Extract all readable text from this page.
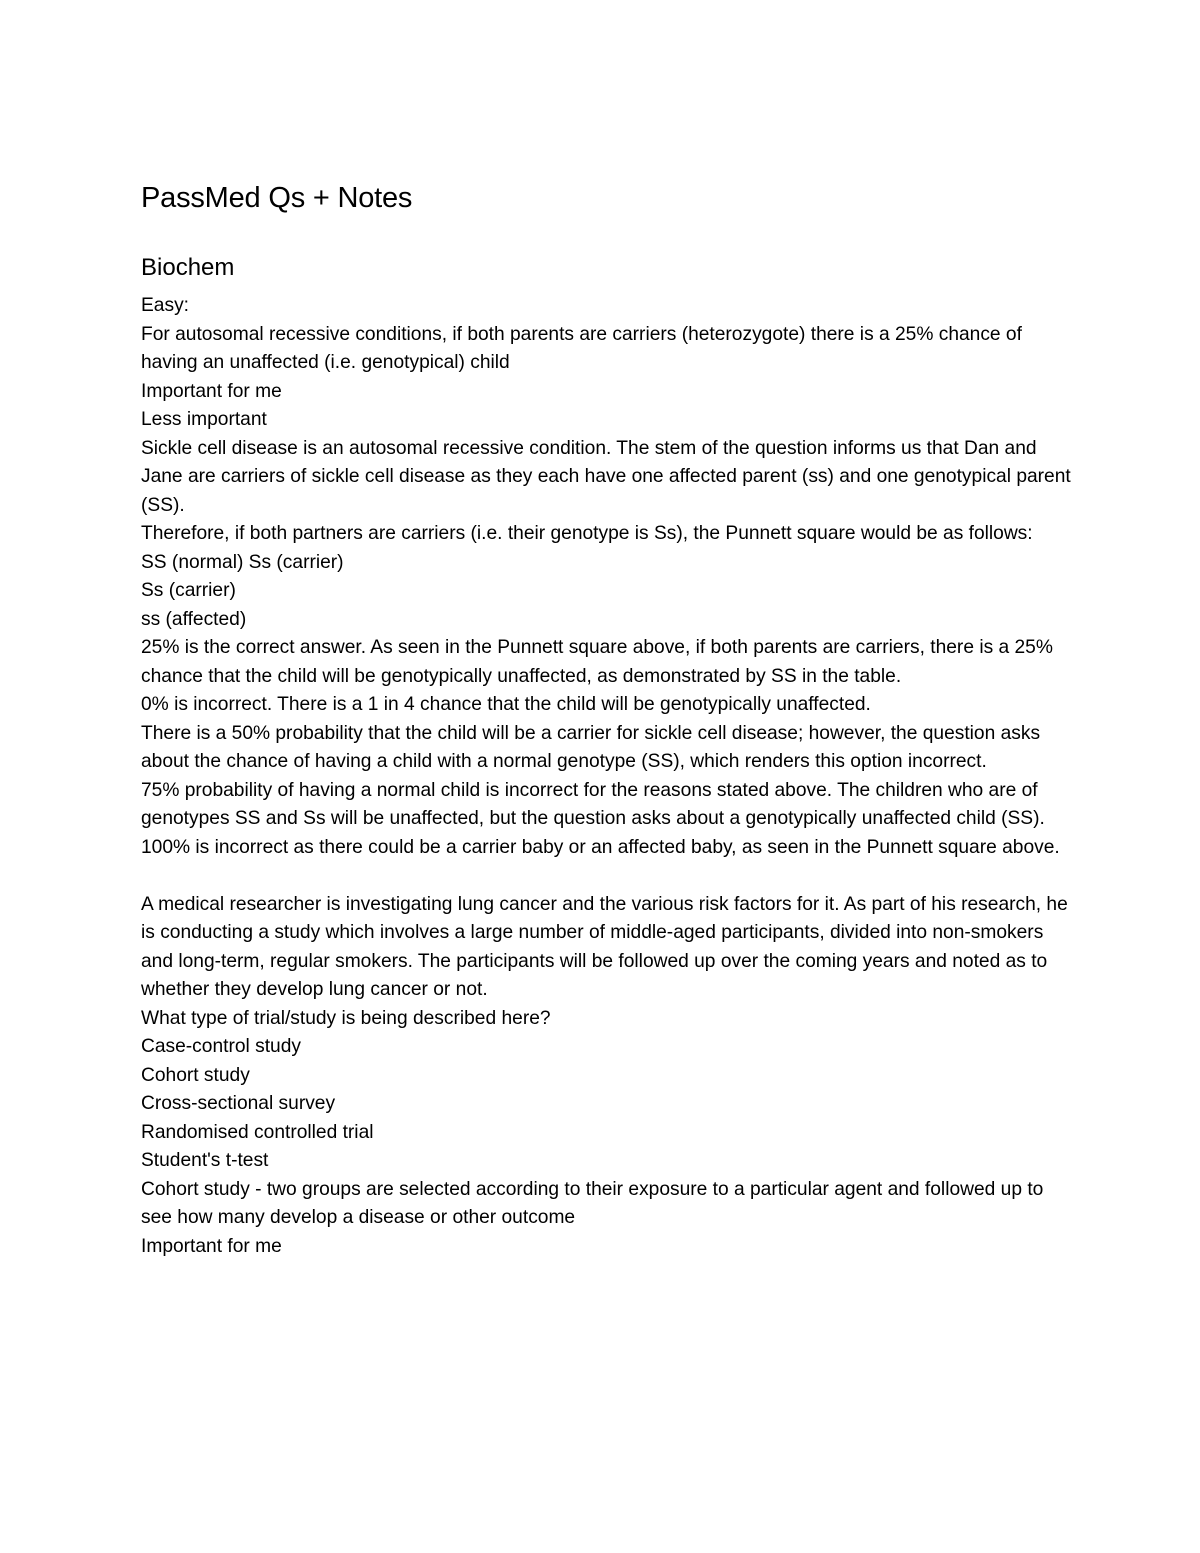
PassMed Qs + Notes
Biochem

Easy:

For autosomal recessive conditions, if both parents are carriers (heterozygote) there is a 25% chance of having an unaffected (i.e. genotypical) child

Important for me

Less important

Sickle cell disease is an autosomal recessive condition. The stem of the question informs us that Dan and Jane are carriers of sickle cell disease as they each have one affected parent (ss) and one genotypical parent (SS).

Therefore, if both partners are carriers (i.e. their genotype is Ss), the Punnett square would be as follows:

SS (normal) Ss (carrier)

Ss (carrier)

ss (affected)

25% is the correct answer. As seen in the Punnett square above, if both parents are carriers, there is a 25% chance that the child will be genotypically unaffected, as demonstrated by SS in the table.

0% is incorrect. There is a 1 in 4 chance that the child will be genotypically unaffected.

There is a 50% probability that the child will be a carrier for sickle cell disease; however, the question asks about the chance of having a child with a normal genotype (SS), which renders this option incorrect.

75% probability of having a normal child is incorrect for the reasons stated above. The children who are of genotypes SS and Ss will be unaffected, but the question asks about a genotypically unaffected child (SS).

100% is incorrect as there could be a carrier baby or an affected baby, as seen in the Punnett square above.

A medical researcher is investigating lung cancer and the various risk factors for it. As part of his research, he is conducting a study which involves a large number of middle-aged participants, divided into non-smokers and long-term, regular smokers. The participants will be followed up over the coming years and noted as to whether they develop lung cancer or not.

What type of trial/study is being described here?

Case-control study

Cohort study

Cross-sectional survey

Randomised controlled trial

Student's t-test

Cohort study - two groups are selected according to their exposure to a particular agent and followed up to see how many develop a disease or other outcome

Important for me
